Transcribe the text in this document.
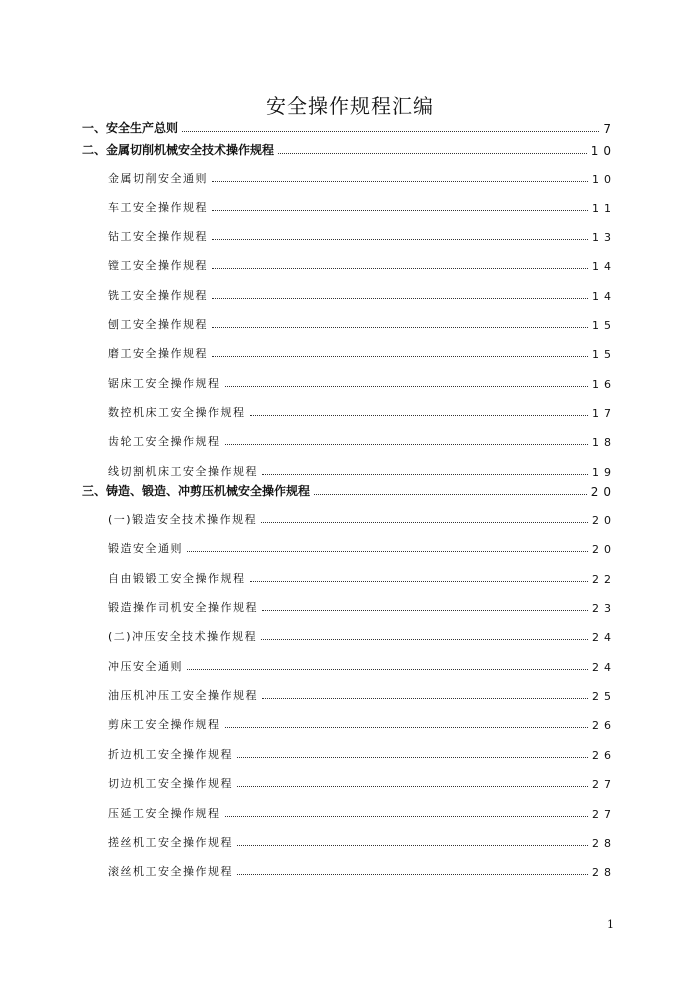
安全操作规程汇编
一、安全生产总则	7
二、金属切削机械安全技术操作规程	10
金属切削安全通则	10
车工安全操作规程	11
钻工安全操作规程	13
镗工安全操作规程	14
铣工安全操作规程	14
刨工安全操作规程	15
磨工安全操作规程	15
锯床工安全操作规程	16
数控机床工安全操作规程	17
齿轮工安全操作规程	18
线切割机床工安全操作规程	19
三、铸造、锻造、冲剪压机械安全操作规程	20
(一)锻造安全技术操作规程	20
锻造安全通则	20
自由锻锻工安全操作规程	22
锻造操作司机安全操作规程	23
(二)冲压安全技术操作规程	24
冲压安全通则	24
油压机冲压工安全操作规程	25
剪床工安全操作规程	26
折边机工安全操作规程	26
切边机工安全操作规程	27
压延工安全操作规程	27
搓丝机工安全操作规程	28
滚丝机工安全操作规程	28
1
